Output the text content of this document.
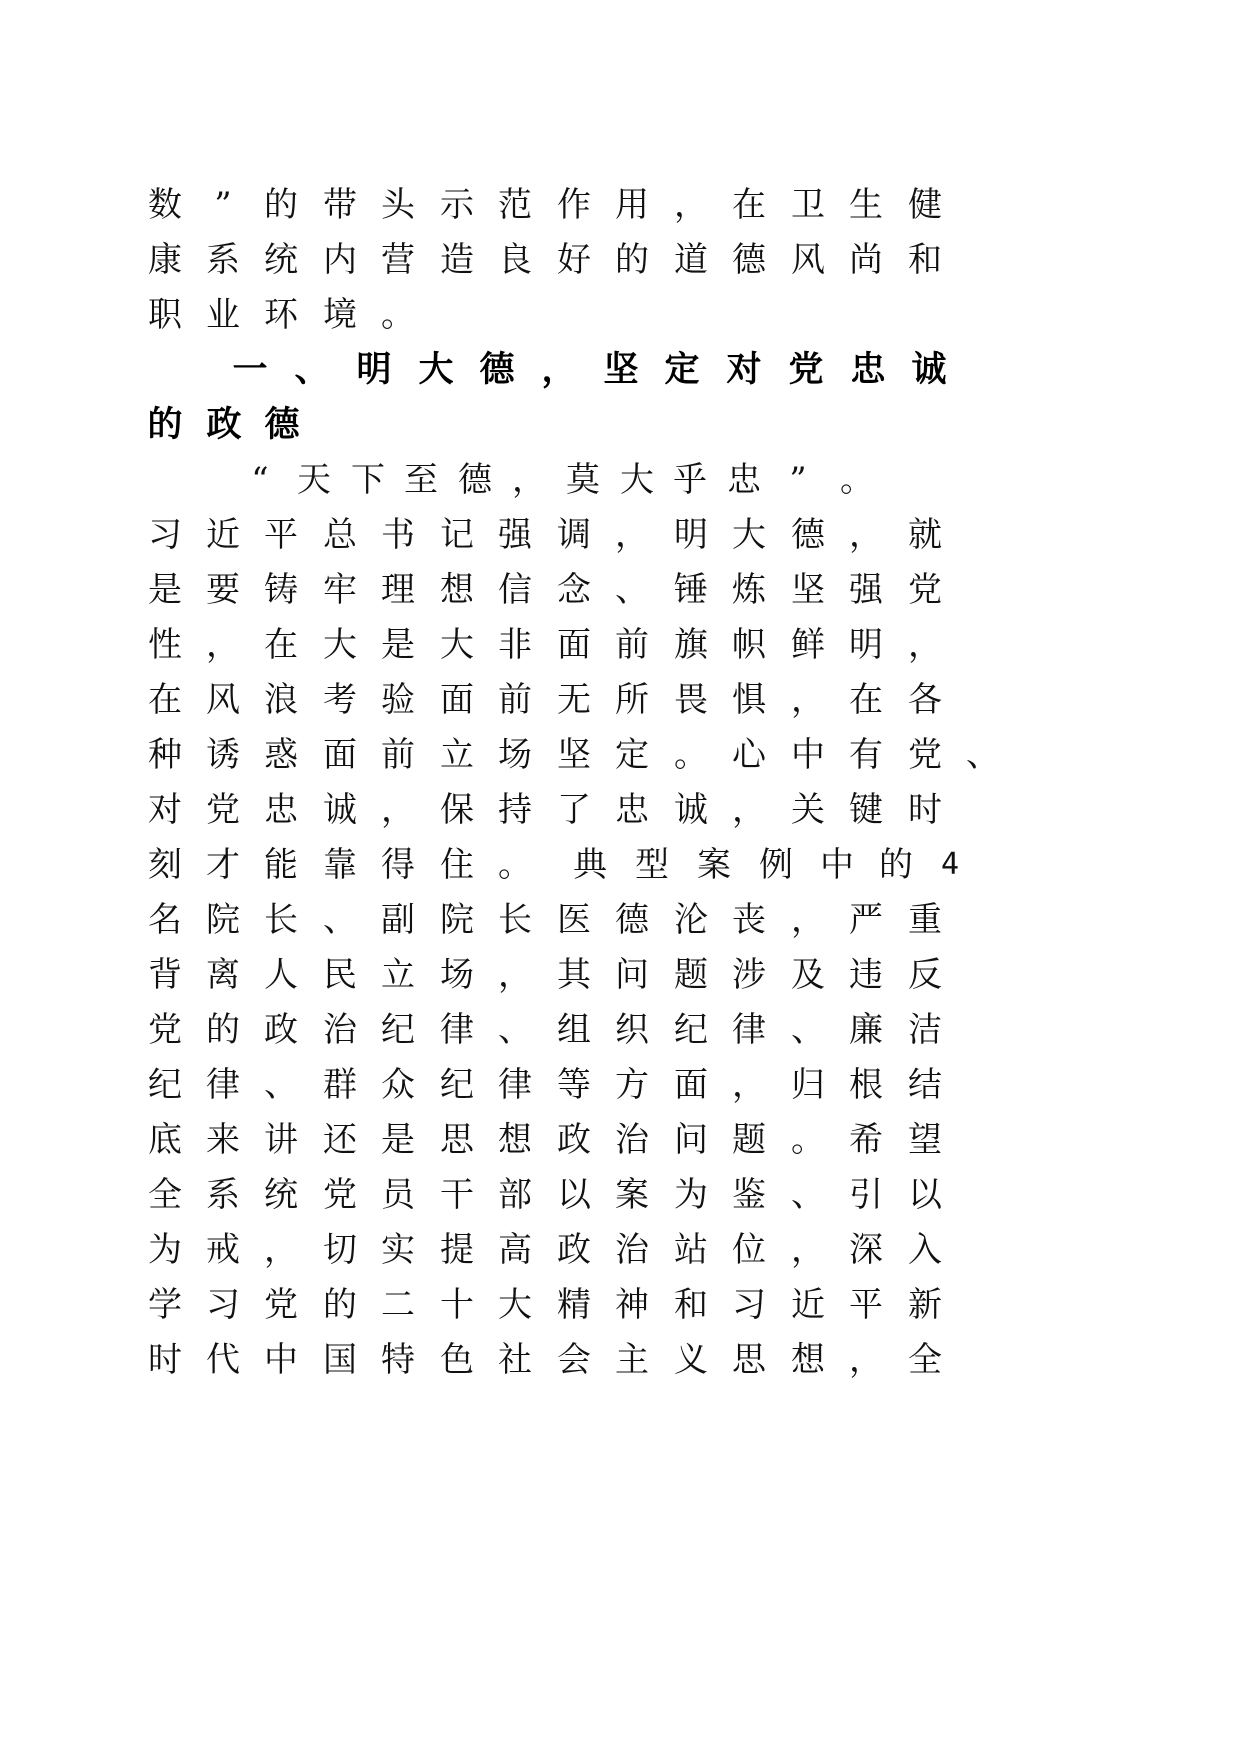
数 ” 的 带 头 示 范 作 用 ， 在 卫 生 健
康 系 统 内 营 造 良 好 的 道 德 风 尚 和
职 业 环 境 。
一 、 明 大 德 ， 坚 定 对 党 忠 诚
的 政 德
“ 天 下 至 德 ， 莫 大 乎 忠 ” 。
习 近 平 总 书 记 强 调 ， 明 大 德 ， 就
是 要 铸 牢 理 想 信 念 、 锤 炼 坚 强 党
性 ， 在 大 是 大 非 面 前 旗 帜 鲜 明 ，
在 风 浪 考 验 面 前 无 所 畏 惧 ， 在 各
种 诱 惑 面 前 立 场 坚 定 。 心 中 有 党 、
对 党 忠 诚 ， 保 持 了 忠 诚 ， 关 键 时
刻 才 能 靠 得 住 。	典 型 案 例 中 的 4
名 院 长 、 副 院 长 医 德 沦 丧 ， 严 重
背 离 人 民 立 场 ， 其 问 题 涉 及 违 反
党 的 政 治 纪 律 、 组 织 纪 律 、 廉 洁
纪 律 、 群 众 纪 律 等 方 面 ， 归 根 结
底 来 讲 还 是 思 想 政 治 问 题 。 希 望
全 系 统 党 员 干 部 以 案 为 鉴 、 引 以
为 戒 ， 切 实 提 高 政 治 站 位 ， 深 入
学 习 党 的 二 十 大 精 神 和 习 近 平 新
时 代 中 国 特 色 社 会 主 义 思 想 ， 全
